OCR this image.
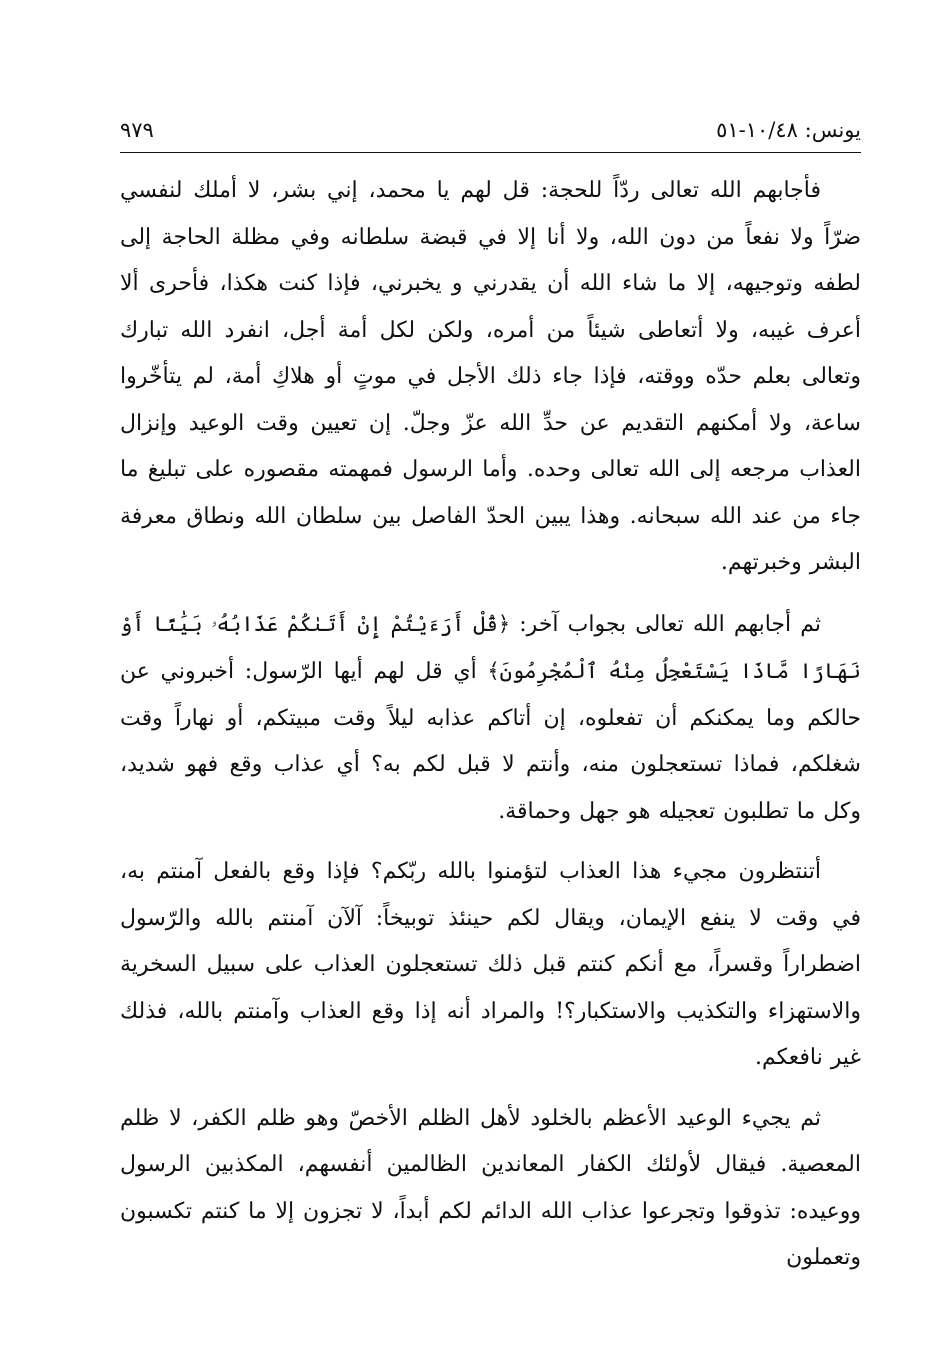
يونس: ١٠/٤٨-٥١
٩٧٩

فأجابهم الله تعالى ردّاً للحجة: قل لهم يا محمد، إني بشر، لا أملك لنفسي ضرّاً ولا نفعاً من دون الله، ولا أنا إلا في قبضة سلطانه وفي مظلة الحاجة إلى لطفه وتوجيهه، إلا ما شاء الله أن يقدرني و يخبرني، فإذا كنت هكذا، فأحرى ألا أعرف غيبه، ولا أتعاطى شيئاً من أمره، ولكن لكل أمة أجل، انفرد الله تبارك وتعالى بعلم حدّه ووقته، فإذا جاء ذلك الأجل في موتٍ أو هلاكِ أمة، لم يتأخّروا ساعة، ولا أمكنهم التقديم عن حدِّ الله عزّ وجلّ. إن تعيين وقت الوعيد وإنزال العذاب مرجعه إلى الله تعالى وحده. وأما الرسول فمهمته مقصوره على تبليغ ما جاء من عند الله سبحانه. وهذا يبين الحدّ الفاصل بين سلطان الله ونطاق معرفة البشر وخبرتهم.

ثم أجابهم الله تعالى بجواب آخر: ﴿قُلْ أَرَءَيْتُمْ إِنْ أَتَىٰكُمْ عَذَابُهُۥ بَيَٰتًا أَوْ نَهَارًا مَّاذَا يَسْتَعْجِلُ مِنْهُ ٱلْمُجْرِمُونَ﴾ أي قل لهم أيها الرّسول: أخبروني عن حالكم وما يمكنكم أن تفعلوه، إن أتاكم عذابه ليلاً وقت مبيتكم، أو نهاراً وقت شغلكم، فماذا تستعجلون منه، وأنتم لا قبل لكم به؟ أي عذاب وقع فهو شديد، وكل ما تطلبون تعجيله هو جهل وحماقة.

أتنتظرون مجيء هذا العذاب لتؤمنوا بالله ربّكم؟ فإذا وقع بالفعل آمنتم به، في وقت لا ينفع الإيمان، ويقال لكم حينئذ توبيخاً: آلآن آمنتم بالله والرّسول اضطراراً وقسراً، مع أنكم كنتم قبل ذلك تستعجلون العذاب على سبيل السخرية والاستهزاء والتكذيب والاستكبار؟! والمراد أنه إذا وقع العذاب وآمنتم بالله، فذلك غير نافعكم.

ثم يجيء الوعيد الأعظم بالخلود لأهل الظلم الأخصّ وهو ظلم الكفر، لا ظلم المعصية. فيقال لأولئك الكفار المعاندين الظالمين أنفسهم، المكذبين الرسول ووعيده: تذوقوا وتجرعوا عذاب الله الدائم لكم أبداً، لا تجزون إلا ما كنتم تكسبون وتعملون
